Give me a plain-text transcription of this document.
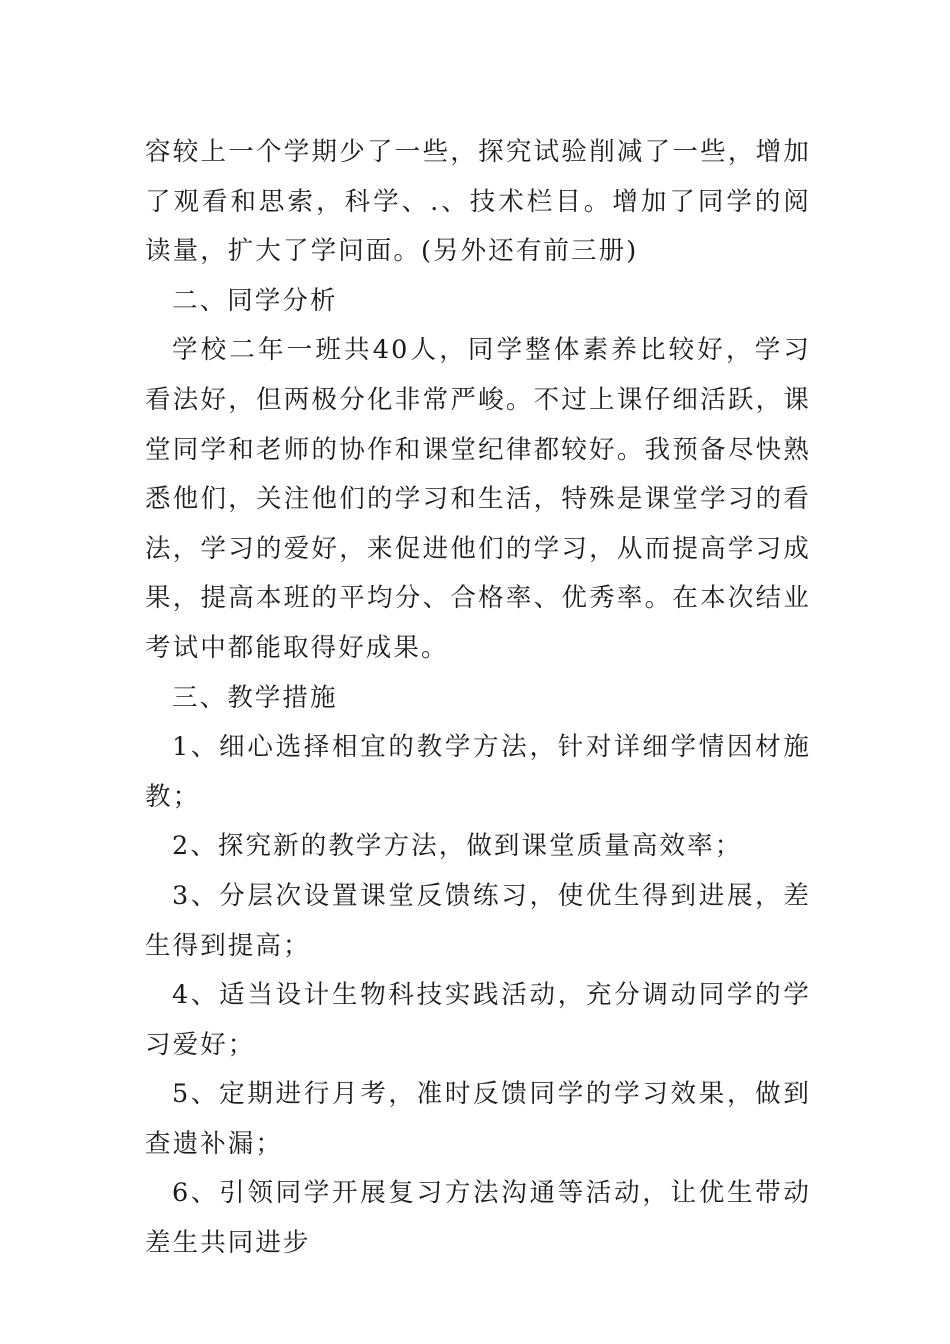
容较上一个学期少了一些，探究试验削减了一些，增加了观看和思索，科学、.、技术栏目。增加了同学的阅读量，扩大了学问面。(另外还有前三册)

二、同学分析

学校二年一班共40人，同学整体素养比较好，学习看法好，但两极分化非常严峻。不过上课仔细活跃，课堂同学和老师的协作和课堂纪律都较好。我预备尽快熟悉他们，关注他们的学习和生活，特殊是课堂学习的看法，学习的爱好，来促进他们的学习，从而提高学习成果，提高本班的平均分、合格率、优秀率。在本次结业考试中都能取得好成果。

三、教学措施

1、细心选择相宜的教学方法，针对详细学情因材施教；

2、探究新的教学方法，做到课堂质量高效率；

3、分层次设置课堂反馈练习，使优生得到进展，差生得到提高；

4、适当设计生物科技实践活动，充分调动同学的学习爱好；

5、定期进行月考，准时反馈同学的学习效果，做到查遗补漏；

6、引领同学开展复习方法沟通等活动，让优生带动差生共同进步
